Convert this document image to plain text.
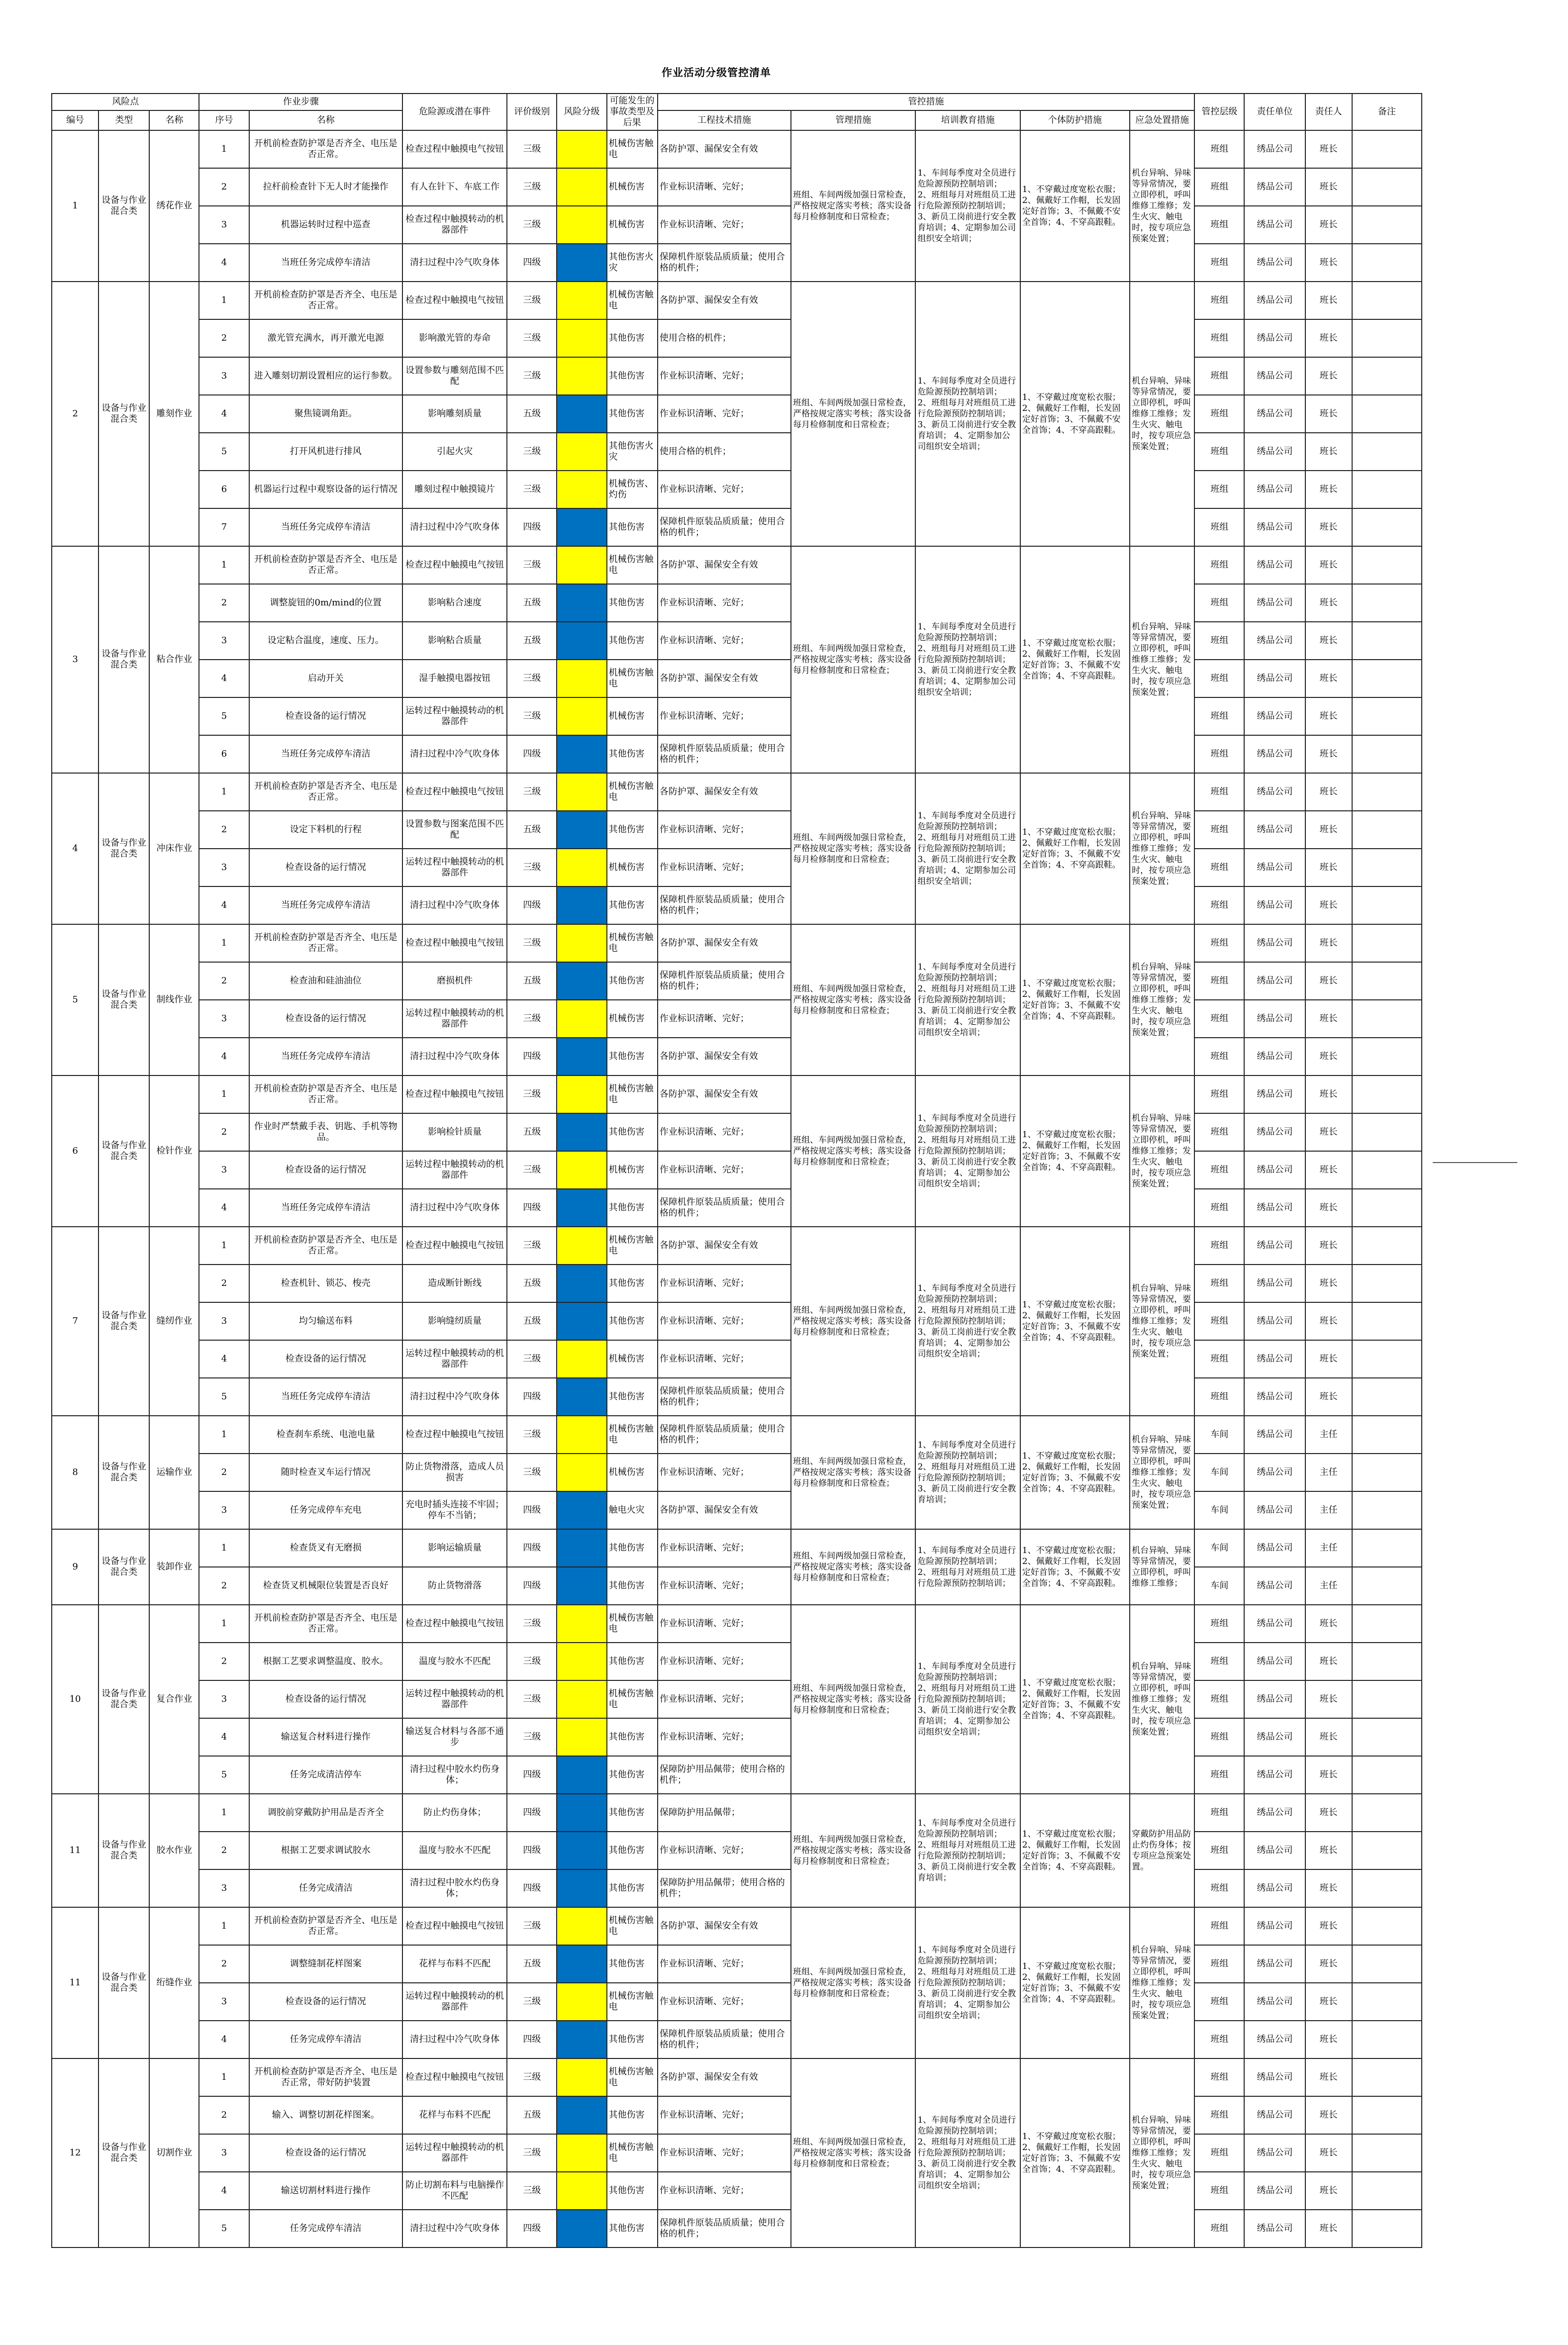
作业活动分级管控清单
风险点			作业步骤		危险源或潜在事件	评价级别	风险分级	可能发生的事故类型及后果	管控措施					管控层级	责任单位	责任人	备注
编号	类型	名称	序号	名称					工程技术措施	管理措施	培训教育措施	个体防护措施	应急处置措施				
1	设备与作业混合类	绣花作业	1	开机前检查防护罩是否齐全、电压是否正常。	检查过程中触摸电气按钮	三级		机械伤害触电	各防护罩、漏保安全有效	班组、车间两级加强日常检查，严格按规定落实考核；落实设备每月检修制度和日常检查；	1、车间每季度对全员进行危险源预防控制培训； 2、班组每月对班组员工进行危险源预防控制培训； 3、新员工岗前进行安全教育培训；4、定期参加公司组织安全培训；	1、不穿戴过度宽松衣服；2、佩戴好工作帽，长发固定好首饰；3、不佩戴不安全首饰；4、不穿高跟鞋。	机台异响、异味等异常情况，要立即停机，呼叫维修工维修；发生火灾、触电时，按专项应急预案处置；	班组	绣品公司	班长	
			2	拉杆前检查针下无人时才能操作	有人在针下、车底工作	三级		机械伤害	作业标识清晰、完好；					班组	绣品公司	班长	
			3	机器运转时过程中巡查	检查过程中触摸转动的机器部件	三级		机械伤害	作业标识清晰、完好；					班组	绣品公司	班长	
			4	当班任务完成停车清洁	清扫过程中冷气吹身体	四级		其他伤害火灾	保障机件原装品质质量；使用合格的机件；					班组	绣品公司	班长	
2	设备与作业混合类	雕刻作业	1	开机前检查防护罩是否齐全、电压是否正常。	检查过程中触摸电气按钮	三级		机械伤害触电	各防护罩、漏保安全有效	班组、车间两级加强日常检查，严格按规定落实考核；落实设备每月检修制度和日常检查；	1、车间每季度对全员进行危险源预防控制培训； 2、班组每月对班组员工进行危险源预防控制培训； 3、新员工岗前进行安全教育培训； 4、定期参加公司组织安全培训；	1、不穿戴过度宽松衣服；2、佩戴好工作帽，长发固定好首饰；3、不佩戴不安全首饰；4、不穿高跟鞋。	机台异响、异味等异常情况，要立即停机，呼叫维修工维修；发生火灾、触电时，按专项应急预案处置；	班组	绣品公司	班长	
			2	激光管充满水，再开激光电源	影响激光管的寿命	三级		其他伤害	使用合格的机件；					班组	绣品公司	班长	
			3	进入雕刻切割设置相应的运行参数。	设置参数与雕刻范围不匹配	三级		其他伤害	作业标识清晰、完好；					班组	绣品公司	班长	
			4	聚焦镜调角距。	影响雕刻质量	五级		其他伤害	作业标识清晰、完好；					班组	绣品公司	班长	
			5	打开风机进行排风	引起火灾	三级		其他伤害火灾	使用合格的机件；					班组	绣品公司	班长	
			6	机器运行过程中观察设备的运行情况	雕刻过程中触摸镜片	三级		机械伤害、灼伤	作业标识清晰、完好；					班组	绣品公司	班长	
			7	当班任务完成停车清洁	清扫过程中冷气吹身体	四级		其他伤害	保障机件原装品质质量；使用合格的机件；					班组	绣品公司	班长	
3	设备与作业混合类	粘合作业	1	开机前检查防护罩是否齐全、电压是否正常。	检查过程中触摸电气按钮	三级		机械伤害触电	各防护罩、漏保安全有效	班组、车间两级加强日常检查，严格按规定落实考核；落实设备每月检修制度和日常检查；	1、车间每季度对全员进行危险源预防控制培训； 2、班组每月对班组员工进行危险源预防控制培训； 3、新员工岗前进行安全教育培训；4、定期参加公司组织安全培训；	1、不穿戴过度宽松衣服；2、佩戴好工作帽，长发固定好首饰；3、不佩戴不安全首饰；4、不穿高跟鞋。	机台异响、异味等异常情况，要立即停机，呼叫维修工维修；发生火灾、触电时，按专项应急预案处置；	班组	绣品公司	班长	
			2	调整旋钮的0m/mind的位置	影响粘合速度	五级		其他伤害	作业标识清晰、完好；					班组	绣品公司	班长	
			3	设定粘合温度，速度、压力。	影响粘合质量	五级		其他伤害	作业标识清晰、完好；					班组	绣品公司	班长	
			4	启动开关	湿手触摸电器按钮	三级		机械伤害触电	各防护罩、漏保安全有效					班组	绣品公司	班长	
			5	检查设备的运行情况	运转过程中触摸转动的机器部件	三级		机械伤害	作业标识清晰、完好；					班组	绣品公司	班长	
			6	当班任务完成停车清洁	清扫过程中冷气吹身体	四级		其他伤害	保障机件原装品质质量；使用合格的机件；					班组	绣品公司	班长	
4	设备与作业混合类	冲床作业	1	开机前检查防护罩是否齐全、电压是否正常。	检查过程中触摸电气按钮	三级		机械伤害触电	各防护罩、漏保安全有效	班组、车间两级加强日常检查，严格按规定落实考核；落实设备每月检修制度和日常检查；	1、车间每季度对全员进行危险源预防控制培训； 2、班组每月对班组员工进行危险源预防控制培训； 3、新员工岗前进行安全教育培训；4、定期参加公司组织安全培训；	1、不穿戴过度宽松衣服；2、佩戴好工作帽，长发固定好首饰；3、不佩戴不安全首饰；4、不穿高跟鞋。	机台异响、异味等异常情况，要立即停机，呼叫维修工维修；发生火灾、触电时，按专项应急预案处置；	班组	绣品公司	班长	
			2	设定下料机的行程	设置参数与图案范围不匹配	五级		其他伤害	作业标识清晰、完好；					班组	绣品公司	班长	
			3	检查设备的运行情况	运转过程中触摸转动的机器部件	三级		机械伤害	作业标识清晰、完好；					班组	绣品公司	班长	
			4	当班任务完成停车清洁	清扫过程中冷气吹身体	四级		其他伤害	保障机件原装品质质量；使用合格的机件；					班组	绣品公司	班长	
5	设备与作业混合类	制线作业	1	开机前检查防护罩是否齐全、电压是否正常。	检查过程中触摸电气按钮	三级		机械伤害触电	各防护罩、漏保安全有效	班组、车间两级加强日常检查，严格按规定落实考核；落实设备每月检修制度和日常检查；	1、车间每季度对全员进行危险源预防控制培训； 2、班组每月对班组员工进行危险源预防控制培训； 3、新员工岗前进行安全教育培训； 4、定期参加公司组织安全培训；	1、不穿戴过度宽松衣服；2、佩戴好工作帽，长发固定好首饰；3、不佩戴不安全首饰；4、不穿高跟鞋。	机台异响、异味等异常情况，要立即停机，呼叫维修工维修；发生火灾、触电时，按专项应急预案处置；	班组	绣品公司	班长	
			2	检查油和硅油油位	磨损机件	五级		其他伤害	保障机件原装品质质量；使用合格的机件；					班组	绣品公司	班长	
			3	检查设备的运行情况	运转过程中触摸转动的机器部件	三级		机械伤害	作业标识清晰、完好；					班组	绣品公司	班长	
			4	当班任务完成停车清洁	清扫过程中冷气吹身体	四级		其他伤害	各防护罩、漏保安全有效					班组	绣品公司	班长	
6	设备与作业混合类	检针作业	1	开机前检查防护罩是否齐全、电压是否正常。	检查过程中触摸电气按钮	三级		机械伤害触电	各防护罩、漏保安全有效	班组、车间两级加强日常检查，严格按规定落实考核；落实设备每月检修制度和日常检查；	1、车间每季度对全员进行危险源预防控制培训； 2、班组每月对班组员工进行危险源预防控制培训； 3、新员工岗前进行安全教育培训； 4、定期参加公司组织安全培训；	1、不穿戴过度宽松衣服；2、佩戴好工作帽，长发固定好首饰；3、不佩戴不安全首饰；4、不穿高跟鞋。	机台异响、异味等异常情况，要立即停机，呼叫维修工维修；发生火灾、触电时，按专项应急预案处置；	班组	绣品公司	班长	
			2	作业时严禁戴手表、钥匙、手机等物品。	影响检针质量	五级		其他伤害	作业标识清晰、完好；					班组	绣品公司	班长	
			3	检查设备的运行情况	运转过程中触摸转动的机器部件	三级		机械伤害	作业标识清晰、完好；					班组	绣品公司	班长	
			4	当班任务完成停车清洁	清扫过程中冷气吹身体	四级		其他伤害	保障机件原装品质质量；使用合格的机件；					班组	绣品公司	班长	
7	设备与作业混合类	缝纫作业	1	开机前检查防护罩是否齐全、电压是否正常。	检查过程中触摸电气按钮	三级		机械伤害触电	各防护罩、漏保安全有效	班组、车间两级加强日常检查，严格按规定落实考核；落实设备每月检修制度和日常检查；	1、车间每季度对全员进行危险源预防控制培训； 2、班组每月对班组员工进行危险源预防控制培训； 3、新员工岗前进行安全教育培训； 4、定期参加公司组织安全培训；	1、不穿戴过度宽松衣服；2、佩戴好工作帽，长发固定好首饰；3、不佩戴不安全首饰；4、不穿高跟鞋。	机台异响、异味等异常情况，要立即停机，呼叫维修工维修；发生火灾、触电时，按专项应急预案处置；	班组	绣品公司	班长	
			2	检查机针、锁芯、梭壳	造成断针断线	五级		其他伤害	作业标识清晰、完好；					班组	绣品公司	班长	
			3	均匀输送布料	影响缝纫质量	五级		其他伤害	作业标识清晰、完好；					班组	绣品公司	班长	
			4	检查设备的运行情况	运转过程中触摸转动的机器部件	三级		机械伤害	作业标识清晰、完好；					班组	绣品公司	班长	
			5	当班任务完成停车清洁	清扫过程中冷气吹身体	四级		其他伤害	保障机件原装品质质量；使用合格的机件；					班组	绣品公司	班长	
8	设备与作业混合类	运输作业	1	检查刹车系统、电池电量	检查过程中触摸电气按钮	三级		机械伤害触电	保障机件原装品质质量；使用合格的机件；	班组、车间两级加强日常检查，严格按规定落实考核；落实设备每月检修制度和日常检查；	1、车间每季度对全员进行危险源预防控制培训； 2、班组每月对班组员工进行危险源预防控制培训； 3、新员工岗前进行安全教育培训；	1、不穿戴过度宽松衣服；2、佩戴好工作帽，长发固定好首饰；3、不佩戴不安全首饰；4、不穿高跟鞋。	机台异响、异味等异常情况，要立即停机，呼叫维修工维修；发生火灾、触电时，按专项应急预案处置；	车间	绣品公司	主任	
			2	随时检查叉车运行情况	防止货物滑落，造成人员损害	三级		机械伤害	作业标识清晰、完好；					车间	绣品公司	主任	
			3	任务完成停车充电	充电时插头连接不牢固；停车不当销；	四级		触电火灾	各防护罩、漏保安全有效					车间	绣品公司	主任	
9	设备与作业混合类	装卸作业	1	检查货叉有无磨损	影响运输质量	四级		其他伤害	作业标识清晰、完好；	班组、车间两级加强日常检查，严格按规定落实考核；落实设备每月检修制度和日常检查；	1、车间每季度对全员进行危险源预防控制培训； 2、班组每月对班组员工进行危险源预防控制培训；	1、不穿戴过度宽松衣服；2、佩戴好工作帽，长发固定好首饰；3、不佩戴不安全首饰；4、不穿高跟鞋。	机台异响、异味等异常情况，要立即停机，呼叫维修工维修；	车间	绣品公司	主任	
			2	检查货叉机械限位装置是否良好	防止货物滑落	四级		其他伤害	作业标识清晰、完好；					车间	绣品公司	主任	
10	设备与作业混合类	复合作业	1	开机前检查防护罩是否齐全、电压是否正常。	检查过程中触摸电气按钮	三级		机械伤害触电	作业标识清晰、完好；	班组、车间两级加强日常检查，严格按规定落实考核；落实设备每月检修制度和日常检查；	1、车间每季度对全员进行危险源预防控制培训； 2、班组每月对班组员工进行危险源预防控制培训； 3、新员工岗前进行安全教育培训； 4、定期参加公司组织安全培训；	1、不穿戴过度宽松衣服；2、佩戴好工作帽，长发固定好首饰；3、不佩戴不安全首饰；4、不穿高跟鞋。	机台异响、异味等异常情况，要立即停机，呼叫维修工维修；发生火灾、触电时，按专项应急预案处置；	班组	绣品公司	班长	
			2	根据工艺要求调整温度、胶水。	温度与胶水不匹配	三级		其他伤害	作业标识清晰、完好；					班组	绣品公司	班长	
			3	检查设备的运行情况	运转过程中触摸转动的机器部件	三级		机械伤害触电	作业标识清晰、完好；					班组	绣品公司	班长	
			4	输送复合材料进行操作	输送复合材料与各部不通步	三级		其他伤害	作业标识清晰、完好；					班组	绣品公司	班长	
			5	任务完成清洁停车	清扫过程中胶水灼伤身体；	四级		其他伤害	保障防护用品佩带；使用合格的机件；					班组	绣品公司	班长	
11	设备与作业混合类	胶水作业	1	调胶前穿戴防护用品是否齐全	防止灼伤身体；	四级		其他伤害	保障防护用品佩带；	班组、车间两级加强日常检查，严格按规定落实考核；落实设备每月检修制度和日常检查；	1、车间每季度对全员进行危险源预防控制培训； 2、班组每月对班组员工进行危险源预防控制培训； 3、新员工岗前进行安全教育培训；	1、不穿戴过度宽松衣服；2、佩戴好工作帽，长发固定好首饰；3、不佩戴不安全首饰；4、不穿高跟鞋。	穿戴防护用品防止灼伤身体；按专项应急预案处置。	班组	绣品公司	班长	
			2	根据工艺要求调试胶水	温度与胶水不匹配	四级		其他伤害	作业标识清晰、完好；					班组	绣品公司	班长	
			3	任务完成清洁	清扫过程中胶水灼伤身体；	四级		其他伤害	保障防护用品佩带；使用合格的机件；					班组	绣品公司	班长	
11	设备与作业混合类	绗缝作业	1	开机前检查防护罩是否齐全、电压是否正常。	检查过程中触摸电气按钮	三级		机械伤害触电	各防护罩、漏保安全有效	班组、车间两级加强日常检查，严格按规定落实考核；落实设备每月检修制度和日常检查；	1、车间每季度对全员进行危险源预防控制培训； 2、班组每月对班组员工进行危险源预防控制培训； 3、新员工岗前进行安全教育培训； 4、定期参加公司组织安全培训；	1、不穿戴过度宽松衣服；2、佩戴好工作帽，长发固定好首饰；3、不佩戴不安全首饰；4、不穿高跟鞋。	机台异响、异味等异常情况，要立即停机，呼叫维修工维修；发生火灾、触电时，按专项应急预案处置；	班组	绣品公司	班长	
			2	调整缝制花样图案	花样与布料不匹配	五级		其他伤害	作业标识清晰、完好；					班组	绣品公司	班长	
			3	检查设备的运行情况	运转过程中触摸转动的机器部件	三级		机械伤害触电	作业标识清晰、完好；					班组	绣品公司	班长	
			4	任务完成停车清洁	清扫过程中冷气吹身体	四级		其他伤害	保障机件原装品质质量；使用合格的机件；					班组	绣品公司	班长	
12	设备与作业混合类	切割作业	1	开机前检查防护罩是否齐全、电压是否正常，带好防护装置	检查过程中触摸电气按钮	三级		机械伤害触电	各防护罩、漏保安全有效	班组、车间两级加强日常检查，严格按规定落实考核；落实设备每月检修制度和日常检查；	1、车间每季度对全员进行危险源预防控制培训； 2、班组每月对班组员工进行危险源预防控制培训； 3、新员工岗前进行安全教育培训； 4、定期参加公司组织安全培训；	1、不穿戴过度宽松衣服；2、佩戴好工作帽，长发固定好首饰；3、不佩戴不安全首饰；4、不穿高跟鞋。	机台异响、异味等异常情况，要立即停机，呼叫维修工维修；发生火灾、触电时，按专项应急预案处置；	班组	绣品公司	班长	
			2	输入、调整切割花样图案。	花样与布料不匹配	五级		其他伤害	作业标识清晰、完好；					班组	绣品公司	班长	
			3	检查设备的运行情况	运转过程中触摸转动的机器部件	三级		机械伤害触电	作业标识清晰、完好；					班组	绣品公司	班长	
			4	输送切割材料进行操作	防止切割布料与电脑操作不匹配	三级		其他伤害	作业标识清晰、完好；					班组	绣品公司	班长	
			5	任务完成停车清洁	清扫过程中冷气吹身体	四级		其他伤害	保障机件原装品质质量；使用合格的机件；					班组	绣品公司	班长	
